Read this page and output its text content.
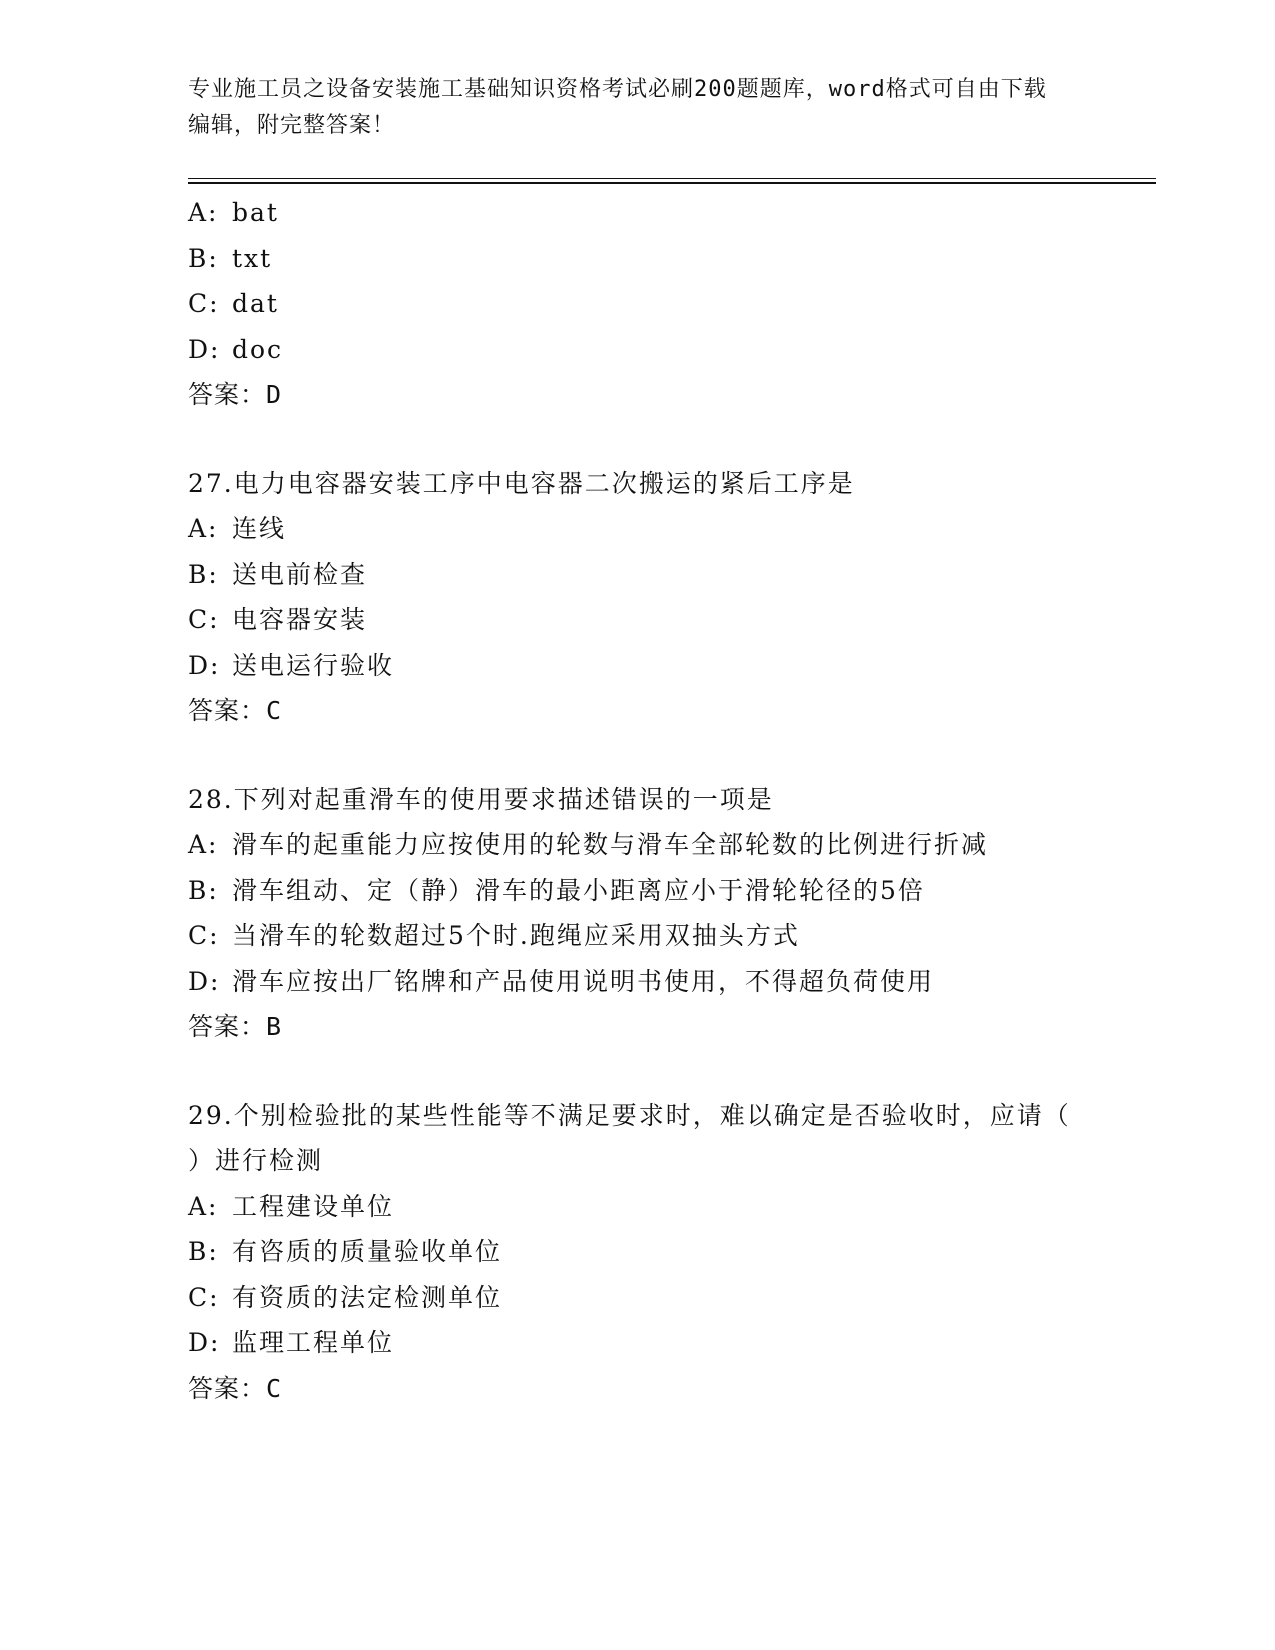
专业施工员之设备安装施工基础知识资格考试必刷200题题库，word格式可自由下载编辑，附完整答案！
A: bat
B: txt
C: dat
D: doc
答案：D
27.电力电容器安装工序中电容器二次搬运的紧后工序是
A: 连线
B: 送电前检查
C: 电容器安装
D: 送电运行验收
答案：C
28.下列对起重滑车的使用要求描述错误的一项是
A: 滑车的起重能力应按使用的轮数与滑车全部轮数的比例进行折减
B: 滑车组动、定（静）滑车的最小距离应小于滑轮轮径的5倍
C: 当滑车的轮数超过5个时.跑绳应采用双抽头方式
D: 滑车应按出厂铭牌和产品使用说明书使用，不得超负荷使用
答案：B
29.个别检验批的某些性能等不满足要求时，难以确定是否验收时，应请（ ）进行检测
A: 工程建设单位
B: 有咨质的质量验收单位
C: 有资质的法定检测单位
D: 监理工程单位
答案：C
